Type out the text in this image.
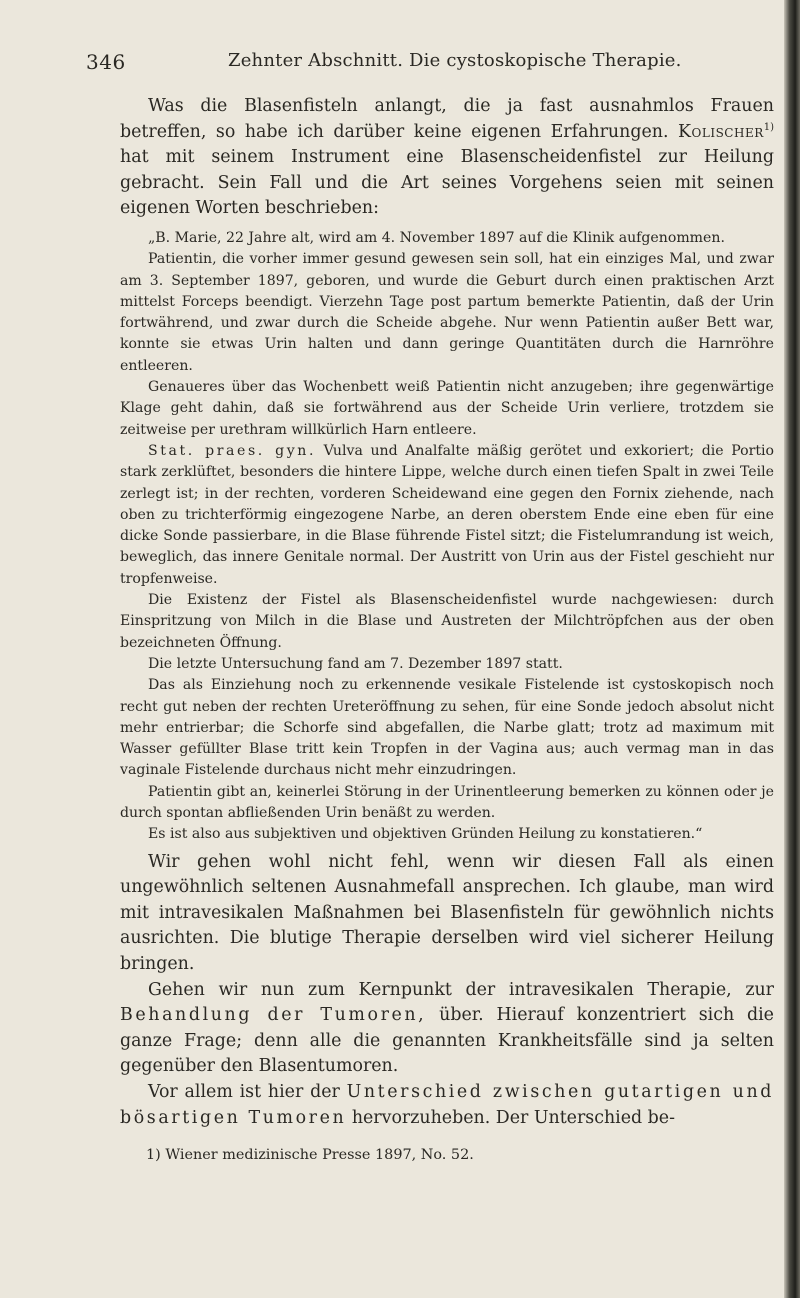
346	Zehnter Abschnitt. Die cystoskopische Therapie.

Was die Blasenfisteln anlangt, die ja fast ausnahmlos Frauen betreffen, so habe ich darüber keine eigenen Erfahrungen. Kolischer$^{1)}$ hat mit seinem Instrument eine Blasenscheidenfistel zur Heilung gebracht. Sein Fall und die Art seines Vorgehens seien mit seinen eigenen Worten beschrieben:

„B. Marie, 22 Jahre alt, wird am 4. November 1897 auf die Klinik aufgenommen.

Patientin, die vorher immer gesund gewesen sein soll, hat ein einziges Mal, und zwar am 3. September 1897, geboren, und wurde die Geburt durch einen praktischen Arzt mittelst Forceps beendigt. Vierzehn Tage post partum bemerkte Patientin, daß der Urin fortwährend, und zwar durch die Scheide abgehe. Nur wenn Patientin außer Bett war, konnte sie etwas Urin halten und dann geringe Quantitäten durch die Harnröhre entleeren.

Genaueres über das Wochenbett weiß Patientin nicht anzugeben; ihre gegenwärtige Klage geht dahin, daß sie fortwährend aus der Scheide Urin verliere, trotzdem sie zeitweise per urethram willkürlich Harn entleere.

Stat. praes. gyn. Vulva und Analfalte mäßig gerötet und exkoriert; die Portio stark zerklüftet, besonders die hintere Lippe, welche durch einen tiefen Spalt in zwei Teile zerlegt ist; in der rechten, vorderen Scheidewand eine gegen den Fornix ziehende, nach oben zu trichterförmig eingezogene Narbe, an deren oberstem Ende eine eben für eine dicke Sonde passierbare, in die Blase führende Fistel sitzt; die Fistelumrandung ist weich, beweglich, das innere Genitale normal. Der Austritt von Urin aus der Fistel geschieht nur tropfenweise.

Die Existenz der Fistel als Blasenscheidenfistel wurde nachgewiesen: durch Einspritzung von Milch in die Blase und Austreten der Milchtröpfchen aus der oben bezeichneten Öffnung.

Die letzte Untersuchung fand am 7. Dezember 1897 statt.

Das als Einziehung noch zu erkennende vesikale Fistelende ist cystoskopisch noch recht gut neben der rechten Ureteröffnung zu sehen, für eine Sonde jedoch absolut nicht mehr entrierbar; die Schorfe sind abgefallen, die Narbe glatt; trotz ad maximum mit Wasser gefüllter Blase tritt kein Tropfen in der Vagina aus; auch vermag man in das vaginale Fistelende durchaus nicht mehr einzudringen.

Patientin gibt an, keinerlei Störung in der Urinentleerung bemerken zu können oder je durch spontan abfließenden Urin benäßt zu werden.

Es ist also aus subjektiven und objektiven Gründen Heilung zu konstatieren.“

Wir gehen wohl nicht fehl, wenn wir diesen Fall als einen ungewöhnlich seltenen Ausnahmefall ansprechen. Ich glaube, man wird mit intravesikalen Maßnahmen bei Blasenfisteln für gewöhnlich nichts ausrichten. Die blutige Therapie derselben wird viel sicherer Heilung bringen.

Gehen wir nun zum Kernpunkt der intravesikalen Therapie, zur Behandlung der Tumoren, über. Hierauf konzentriert sich die ganze Frage; denn alle die genannten Krankheitsfälle sind ja selten gegenüber den Blasentumoren.

Vor allem ist hier der Unterschied zwischen gutartigen und bösartigen Tumoren hervorzuheben. Der Unterschied be-

1) Wiener medizinische Presse 1897, No. 52.
